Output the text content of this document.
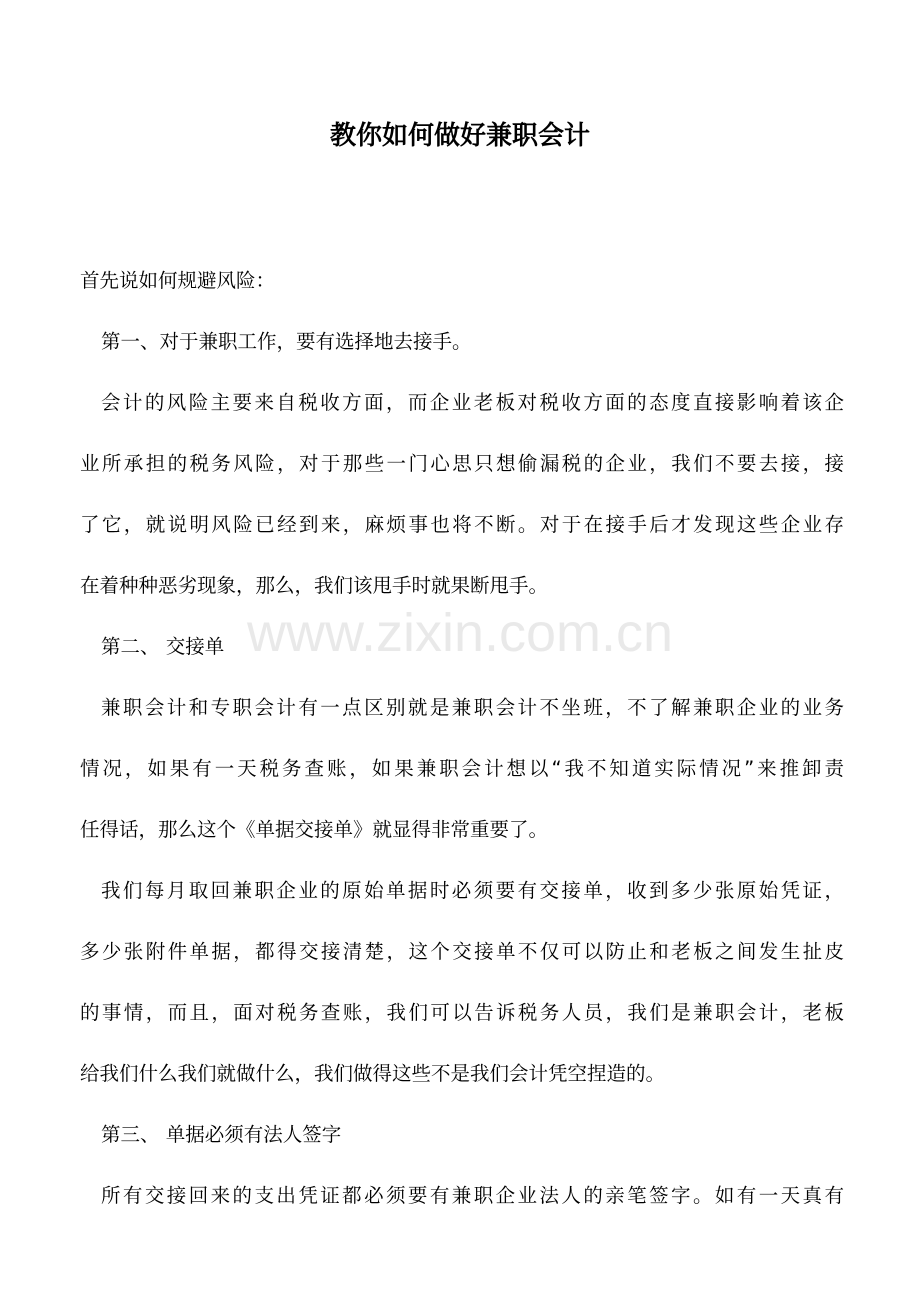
教你如何做好兼职会计
www.zixin.com.cn
首先说如何规避风险：
第一、对于兼职工作，要有选择地去接手。
会计的风险主要来自税收方面，而企业老板对税收方面的态度直接影响着该企
业所承担的税务风险，对于那些一门心思只想偷漏税的企业，我们不要去接，接
了它，就说明风险已经到来，麻烦事也将不断。对于在接手后才发现这些企业存
在着种种恶劣现象，那么，我们该甩手时就果断甩手。
第二、 交接单
兼职会计和专职会计有一点区别就是兼职会计不坐班，不了解兼职企业的业务
情况，如果有一天税务查账，如果兼职会计想以“我不知道实际情况”来推卸责
任得话，那么这个《单据交接单》就显得非常重要了。
我们每月取回兼职企业的原始单据时必须要有交接单，收到多少张原始凭证，
多少张附件单据，都得交接清楚，这个交接单不仅可以防止和老板之间发生扯皮
的事情，而且，面对税务查账，我们可以告诉税务人员，我们是兼职会计，老板
给我们什么我们就做什么，我们做得这些不是我们会计凭空捏造的。
第三、 单据必须有法人签字
所有交接回来的支出凭证都必须要有兼职企业法人的亲笔签字。如有一天真有
